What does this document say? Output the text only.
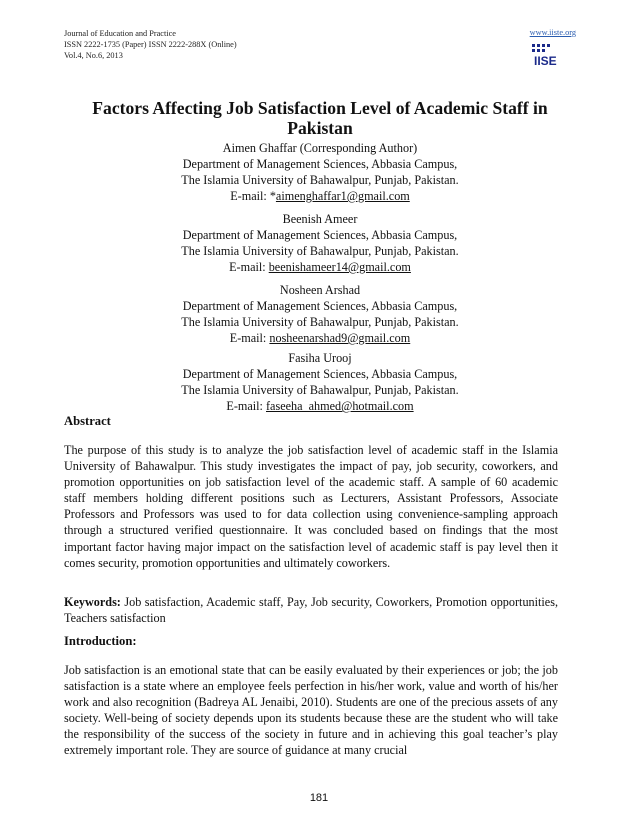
Journal of Education and Practice
ISSN 2222-1735 (Paper) ISSN 2222-288X (Online)
Vol.4, No.6, 2013
www.iiste.org
IISE
Factors Affecting Job Satisfaction Level of Academic Staff in Pakistan
Aimen Ghaffar (Corresponding Author)
Department of Management Sciences, Abbasia Campus,
The Islamia University of Bahawalpur, Punjab, Pakistan.
E-mail: *aimenghaffar1@gmail.com
Beenish Ameer
Department of Management Sciences, Abbasia Campus,
The Islamia University of Bahawalpur, Punjab, Pakistan.
E-mail: beenishameer14@gmail.com
Nosheen Arshad
Department of Management Sciences, Abbasia Campus,
The Islamia University of Bahawalpur, Punjab, Pakistan.
E-mail: nosheenarshad9@gmail.com
Fasiha Urooj
Department of Management Sciences, Abbasia Campus,
The Islamia University of Bahawalpur, Punjab, Pakistan.
E-mail: faseeha_ahmed@hotmail.com
Abstract
The purpose of this study is to analyze the job satisfaction level of academic staff in the Islamia University of Bahawalpur. This study investigates the impact of pay, job security, coworkers, and promotion opportunities on job satisfaction level of the academic staff. A sample of 60 academic staff members holding different positions such as Lecturers, Assistant Professors, Associate Professors and Professors was used to for data collection using convenience-sampling approach through a structured verified questionnaire. It was concluded based on findings that the most important factor having major impact on the satisfaction level of academic staff is pay level then it comes security, promotion opportunities and ultimately coworkers.
Keywords: Job satisfaction, Academic staff, Pay, Job security, Coworkers, Promotion opportunities, Teachers satisfaction
Introduction:
Job satisfaction is an emotional state that can be easily evaluated by their experiences or job; the job satisfaction is a state where an employee feels perfection in his/her work, value and worth of his/her work and also recognition (Badreya AL Jenaibi, 2010). Students are one of the precious assets of any society. Well-being of society depends upon its students because these are the student who will take the responsibility of the success of the society in future and in achieving this goal teacher’s play extremely important role. They are source of guidance at many crucial
181
